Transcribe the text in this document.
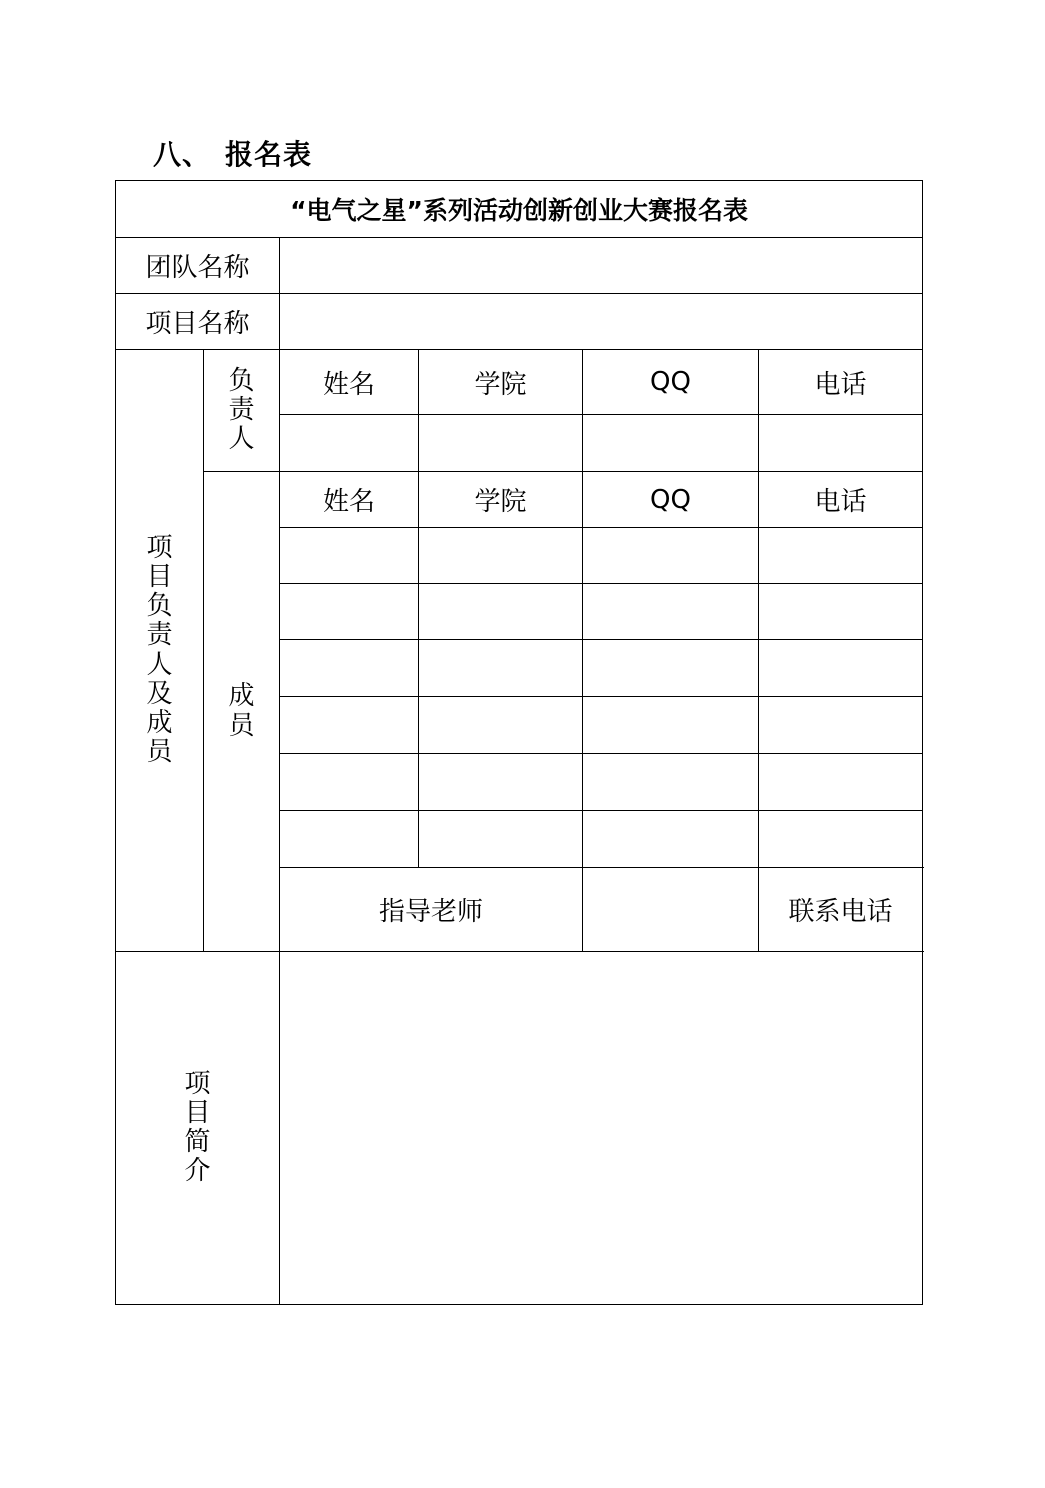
八、 报名表
“电气之星”系列活动创新创业大赛报名表						
团队名称						
项目名称						
项目负责人及成员	负责人	姓名	学院	QQ	电话	

	成员	姓名	学院	QQ	电话	

		指导老师			联系电话	
项目简介						
